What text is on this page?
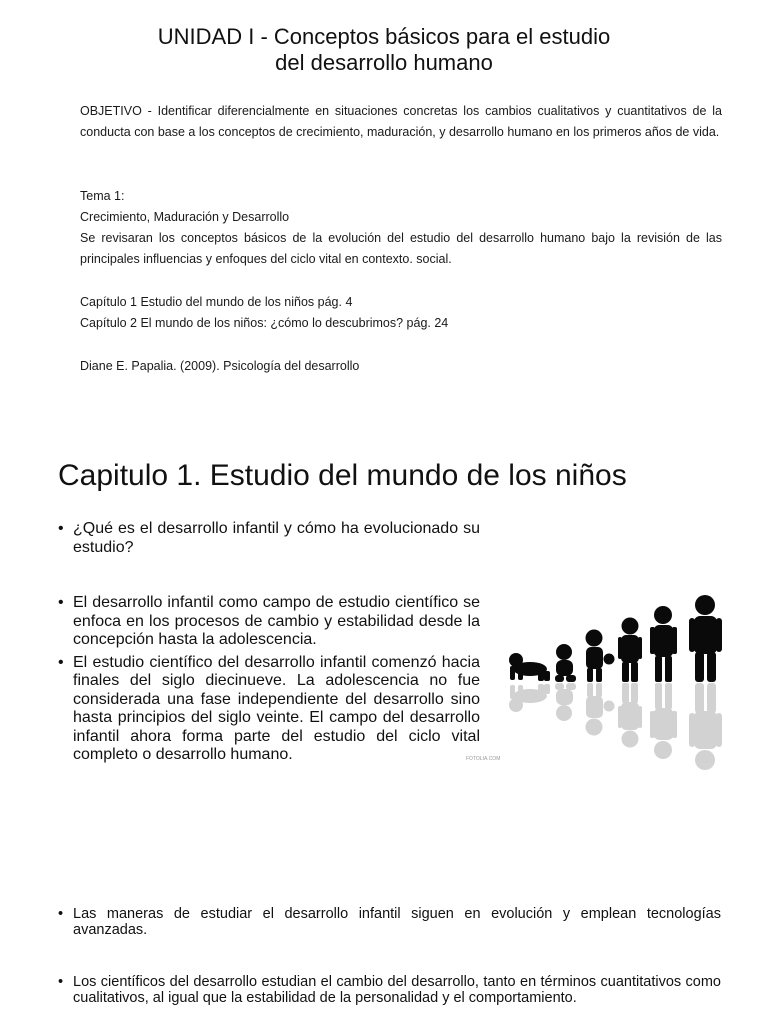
UNIDAD I - Conceptos básicos para el estudio
del desarrollo humano
OBJETIVO - Identificar diferencialmente en situaciones concretas los cambios cualitativos y cuantitativos de la conducta con base a los conceptos de crecimiento, maduración, y desarrollo humano en los primeros años de vida.

Tema 1:

Crecimiento, Maduración y Desarrollo

Se revisaran los conceptos básicos de la evolución del estudio del desarrollo humano bajo la revisión de las principales influencias y enfoques del ciclo vital en contexto. social.

Capítulo 1 Estudio del mundo de los niños pág. 4

Capítulo 2 El mundo de los niños: ¿cómo lo descubrimos? pág. 24

Diane E. Papalia. (2009). Psicología del desarrollo
Capitulo 1. Estudio del mundo de los niños
• ¿Qué es el desarrollo infantil y cómo ha evolucionado su estudio?
• El desarrollo infantil como campo de estudio científico se enfoca en los procesos de cambio y estabilidad desde la concepción hasta la adolescencia.
• El estudio científico del desarrollo infantil comenzó hacia finales del siglo diecinueve. La adolescencia no fue considerada una fase independiente del desarrollo sino hasta principios del siglo veinte. El campo del desarrollo infantil ahora forma parte del estudio del ciclo vital completo o desarrollo humano.	FOTOLIA.COM
• Las maneras de estudiar el desarrollo infantil siguen en evolución y emplean tecnologías avanzadas.
• Los científicos del desarrollo estudian el cambio del desarrollo, tanto en términos cuantitativos como cualitativos, al igual que la estabilidad de la personalidad y el comportamiento.
